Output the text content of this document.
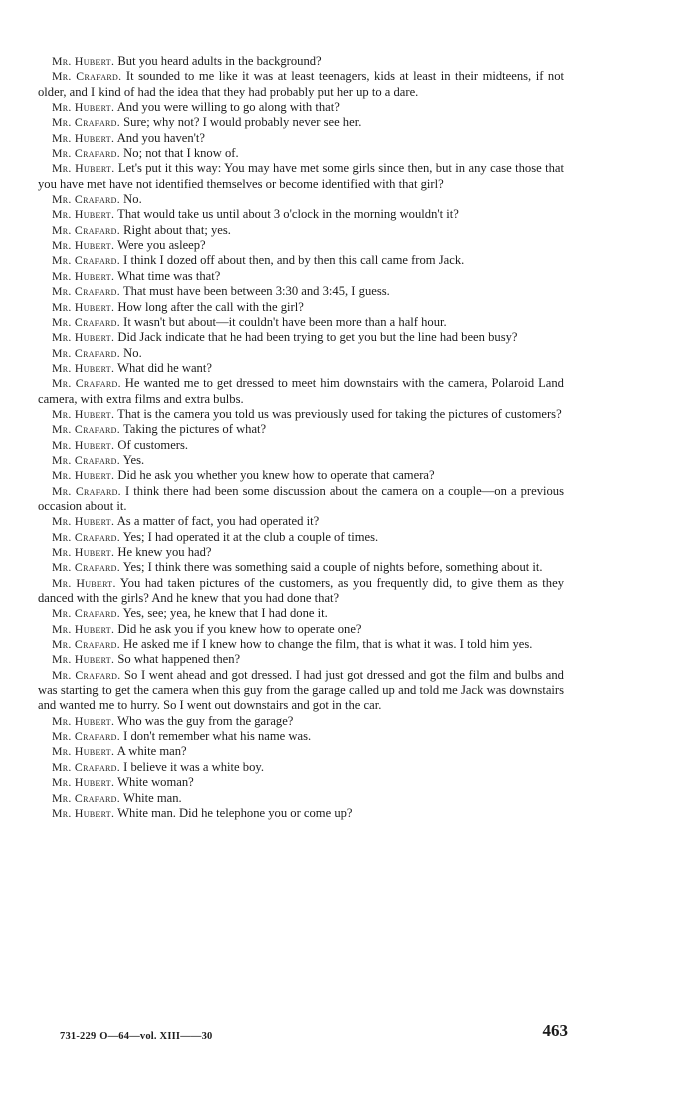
Mr. Hubert. But you heard adults in the background?

Mr. Crafard. It sounded to me like it was at least teenagers, kids at least in their midteens, if not older, and I kind of had the idea that they had probably put her up to a dare.

Mr. Hubert. And you were willing to go along with that?

Mr. Crafard. Sure; why not? I would probably never see her.

Mr. Hubert. And you haven't?

Mr. Crafard. No; not that I know of.

Mr. Hubert. Let's put it this way: You may have met some girls since then, but in any case those that you have met have not identified themselves or become identified with that girl?

Mr. Crafard. No.

Mr. Hubert. That would take us until about 3 o'clock in the morning wouldn't it?

Mr. Crafard. Right about that; yes.

Mr. Hubert. Were you asleep?

Mr. Crafard. I think I dozed off about then, and by then this call came from Jack.

Mr. Hubert. What time was that?

Mr. Crafard. That must have been between 3:30 and 3:45, I guess.

Mr. Hubert. How long after the call with the girl?

Mr. Crafard. It wasn't but about—it couldn't have been more than a half hour.

Mr. Hubert. Did Jack indicate that he had been trying to get you but the line had been busy?

Mr. Crafard. No.

Mr. Hubert. What did he want?

Mr. Crafard. He wanted me to get dressed to meet him downstairs with the camera, Polaroid Land camera, with extra films and extra bulbs.

Mr. Hubert. That is the camera you told us was previously used for taking the pictures of customers?

Mr. Crafard. Taking the pictures of what?

Mr. Hubert. Of customers.

Mr. Crafard. Yes.

Mr. Hubert. Did he ask you whether you knew how to operate that camera?

Mr. Crafard. I think there had been some discussion about the camera on a couple—on a previous occasion about it.

Mr. Hubert. As a matter of fact, you had operated it?

Mr. Crafard. Yes; I had operated it at the club a couple of times.

Mr. Hubert. He knew you had?

Mr. Crafard. Yes; I think there was something said a couple of nights before, something about it.

Mr. Hubert. You had taken pictures of the customers, as you frequently did, to give them as they danced with the girls? And he knew that you had done that?

Mr. Crafard. Yes, see; yea, he knew that I had done it.

Mr. Hubert. Did he ask you if you knew how to operate one?

Mr. Crafard. He asked me if I knew how to change the film, that is what it was. I told him yes.

Mr. Hubert. So what happened then?

Mr. Crafard. So I went ahead and got dressed. I had just got dressed and got the film and bulbs and was starting to get the camera when this guy from the garage called up and told me Jack was downstairs and wanted me to hurry. So I went out downstairs and got in the car.

Mr. Hubert. Who was the guy from the garage?

Mr. Crafard. I don't remember what his name was.

Mr. Hubert. A white man?

Mr. Crafard. I believe it was a white boy.

Mr. Hubert. White woman?

Mr. Crafard. White man.

Mr. Hubert. White man. Did he telephone you or come up?

731-229 O—64—vol. XIII——30	463
